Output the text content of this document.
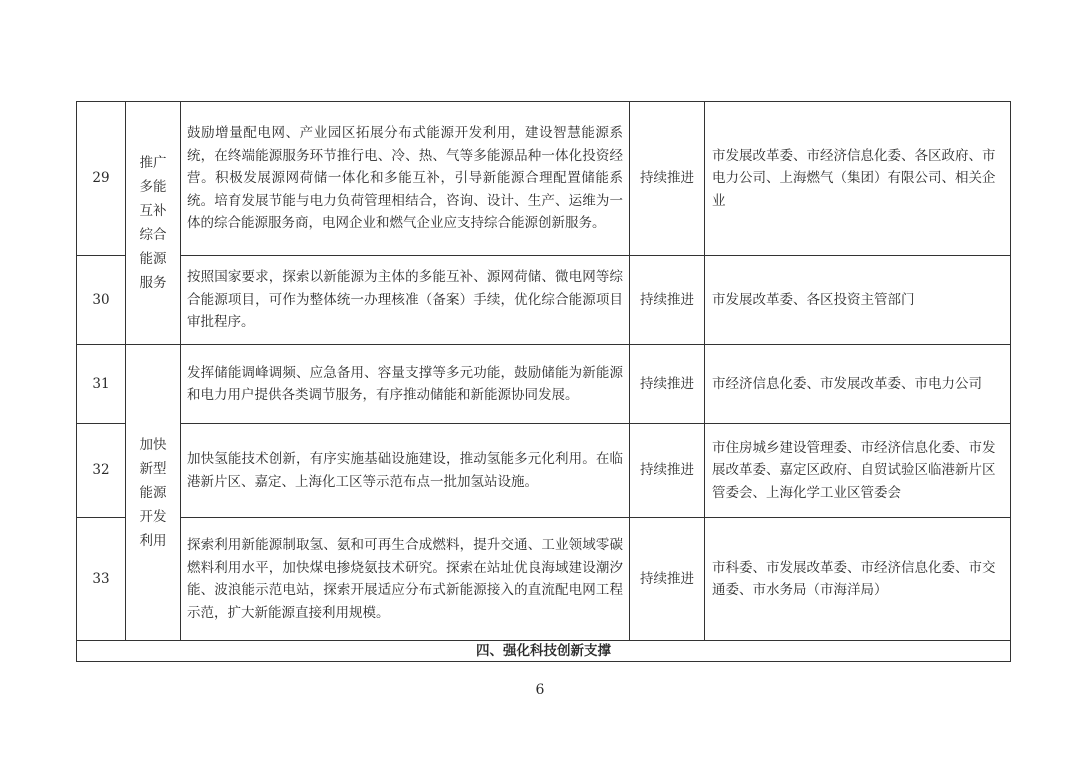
29	推广多能互补综合能源服务	鼓励增量配电网、产业园区拓展分布式能源开发利用，建设智慧能源系统，在终端能源服务环节推行电、冷、热、气等多能源品种一体化投资经营。积极发展源网荷储一体化和多能互补，引导新能源合理配置储能系统。培育发展节能与电力负荷管理相结合，咨询、设计、生产、运维为一体的综合能源服务商，电网企业和燃气企业应支持综合能源创新服务。	持续推进	市发展改革委、市经济信息化委、各区政府、市电力公司、上海燃气（集团）有限公司、相关企业

30		按照国家要求，探索以新能源为主体的多能互补、源网荷储、微电网等综合能源项目，可作为整体统一办理核准（备案）手续，优化综合能源项目审批程序。	持续推进	市发展改革委、各区投资主管部门

31	加快新型能源开发利用	发挥储能调峰调频、应急备用、容量支撑等多元功能，鼓励储能为新能源和电力用户提供各类调节服务，有序推动储能和新能源协同发展。	持续推进	市经济信息化委、市发展改革委、市电力公司

32		加快氢能技术创新，有序实施基础设施建设，推动氢能多元化利用。在临港新片区、嘉定、上海化工区等示范布点一批加氢站设施。	持续推进	市住房城乡建设管理委、市经济信息化委、市发展改革委、嘉定区政府、自贸试验区临港新片区管委会、上海化学工业区管委会

33		探索利用新能源制取氢、氨和可再生合成燃料，提升交通、工业领域零碳燃料利用水平，加快煤电掺烧氨技术研究。探索在站址优良海域建设潮汐能、波浪能示范电站，探索开展适应分布式新能源接入的直流配电网工程示范，扩大新能源直接利用规模。	持续推进	市科委、市发展改革委、市经济信息化委、市交通委、市水务局（市海洋局）

四、强化科技创新支撑				
6
